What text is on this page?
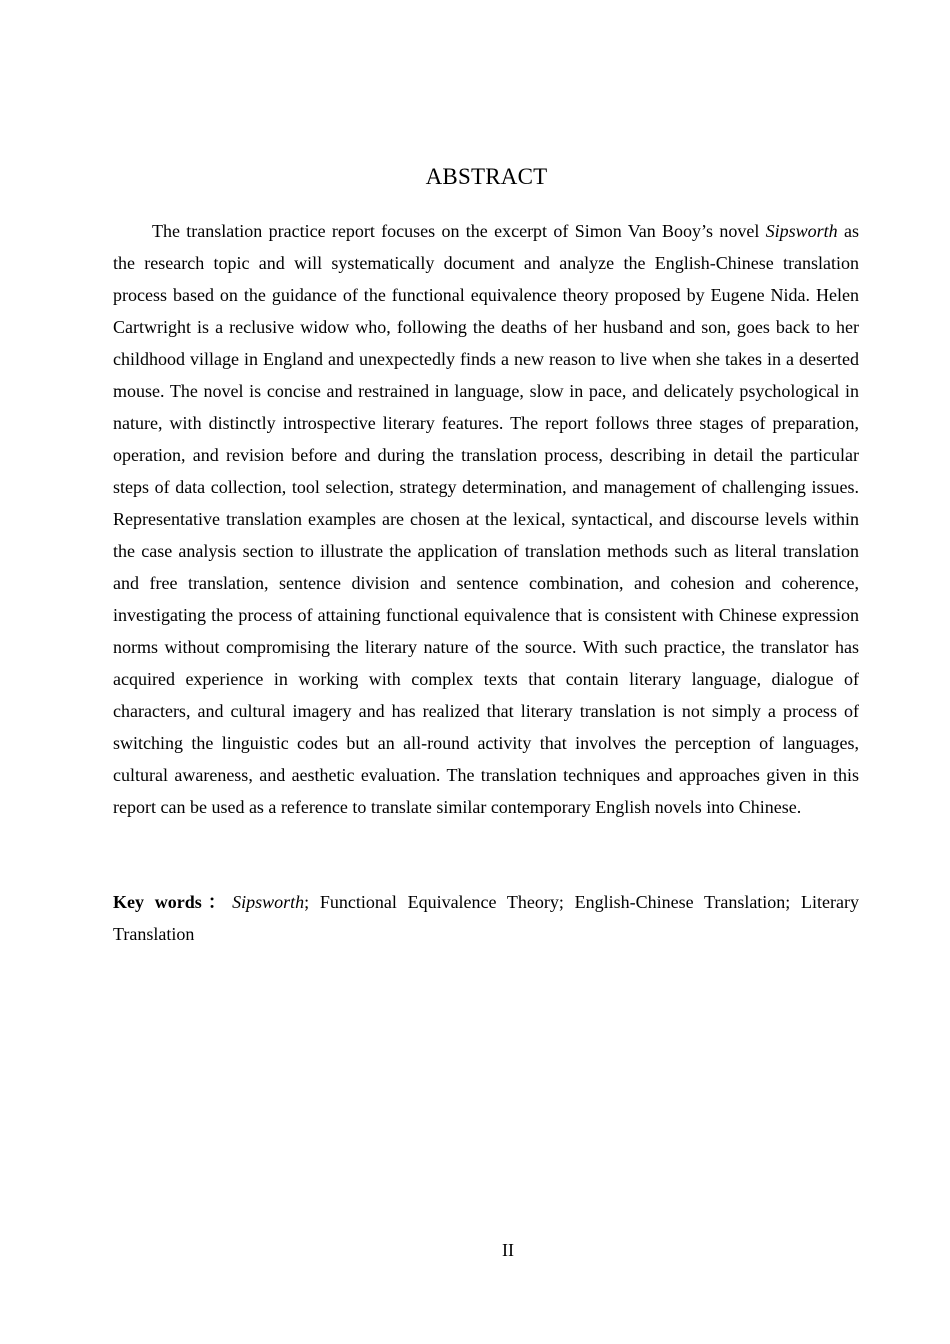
ABSTRACT

The translation practice report focuses on the excerpt of Simon Van Booy’s novel Sipsworth as the research topic and will systematically document and analyze the English-Chinese translation process based on the guidance of the functional equivalence theory proposed by Eugene Nida. Helen Cartwright is a reclusive widow who, following the deaths of her husband and son, goes back to her childhood village in England and unexpectedly finds a new reason to live when she takes in a deserted mouse. The novel is concise and restrained in language, slow in pace, and delicately psychological in nature, with distinctly introspective literary features. The report follows three stages of preparation, operation, and revision before and during the translation process, describing in detail the particular steps of data collection, tool selection, strategy determination, and management of challenging issues. Representative translation examples are chosen at the lexical, syntactical, and discourse levels within the case analysis section to illustrate the application of translation methods such as literal translation and free translation, sentence division and sentence combination, and cohesion and coherence, investigating the process of attaining functional equivalence that is consistent with Chinese expression norms without compromising the literary nature of the source. With such practice, the translator has acquired experience in working with complex texts that contain literary language, dialogue of characters, and cultural imagery and has realized that literary translation is not simply a process of switching the linguistic codes but an all-round activity that involves the perception of languages, cultural awareness, and aesthetic evaluation. The translation techniques and approaches given in this report can be used as a reference to translate similar contemporary English novels into Chinese.

Key words：Sipsworth; Functional Equivalence Theory; English-Chinese Translation; Literary Translation

II
